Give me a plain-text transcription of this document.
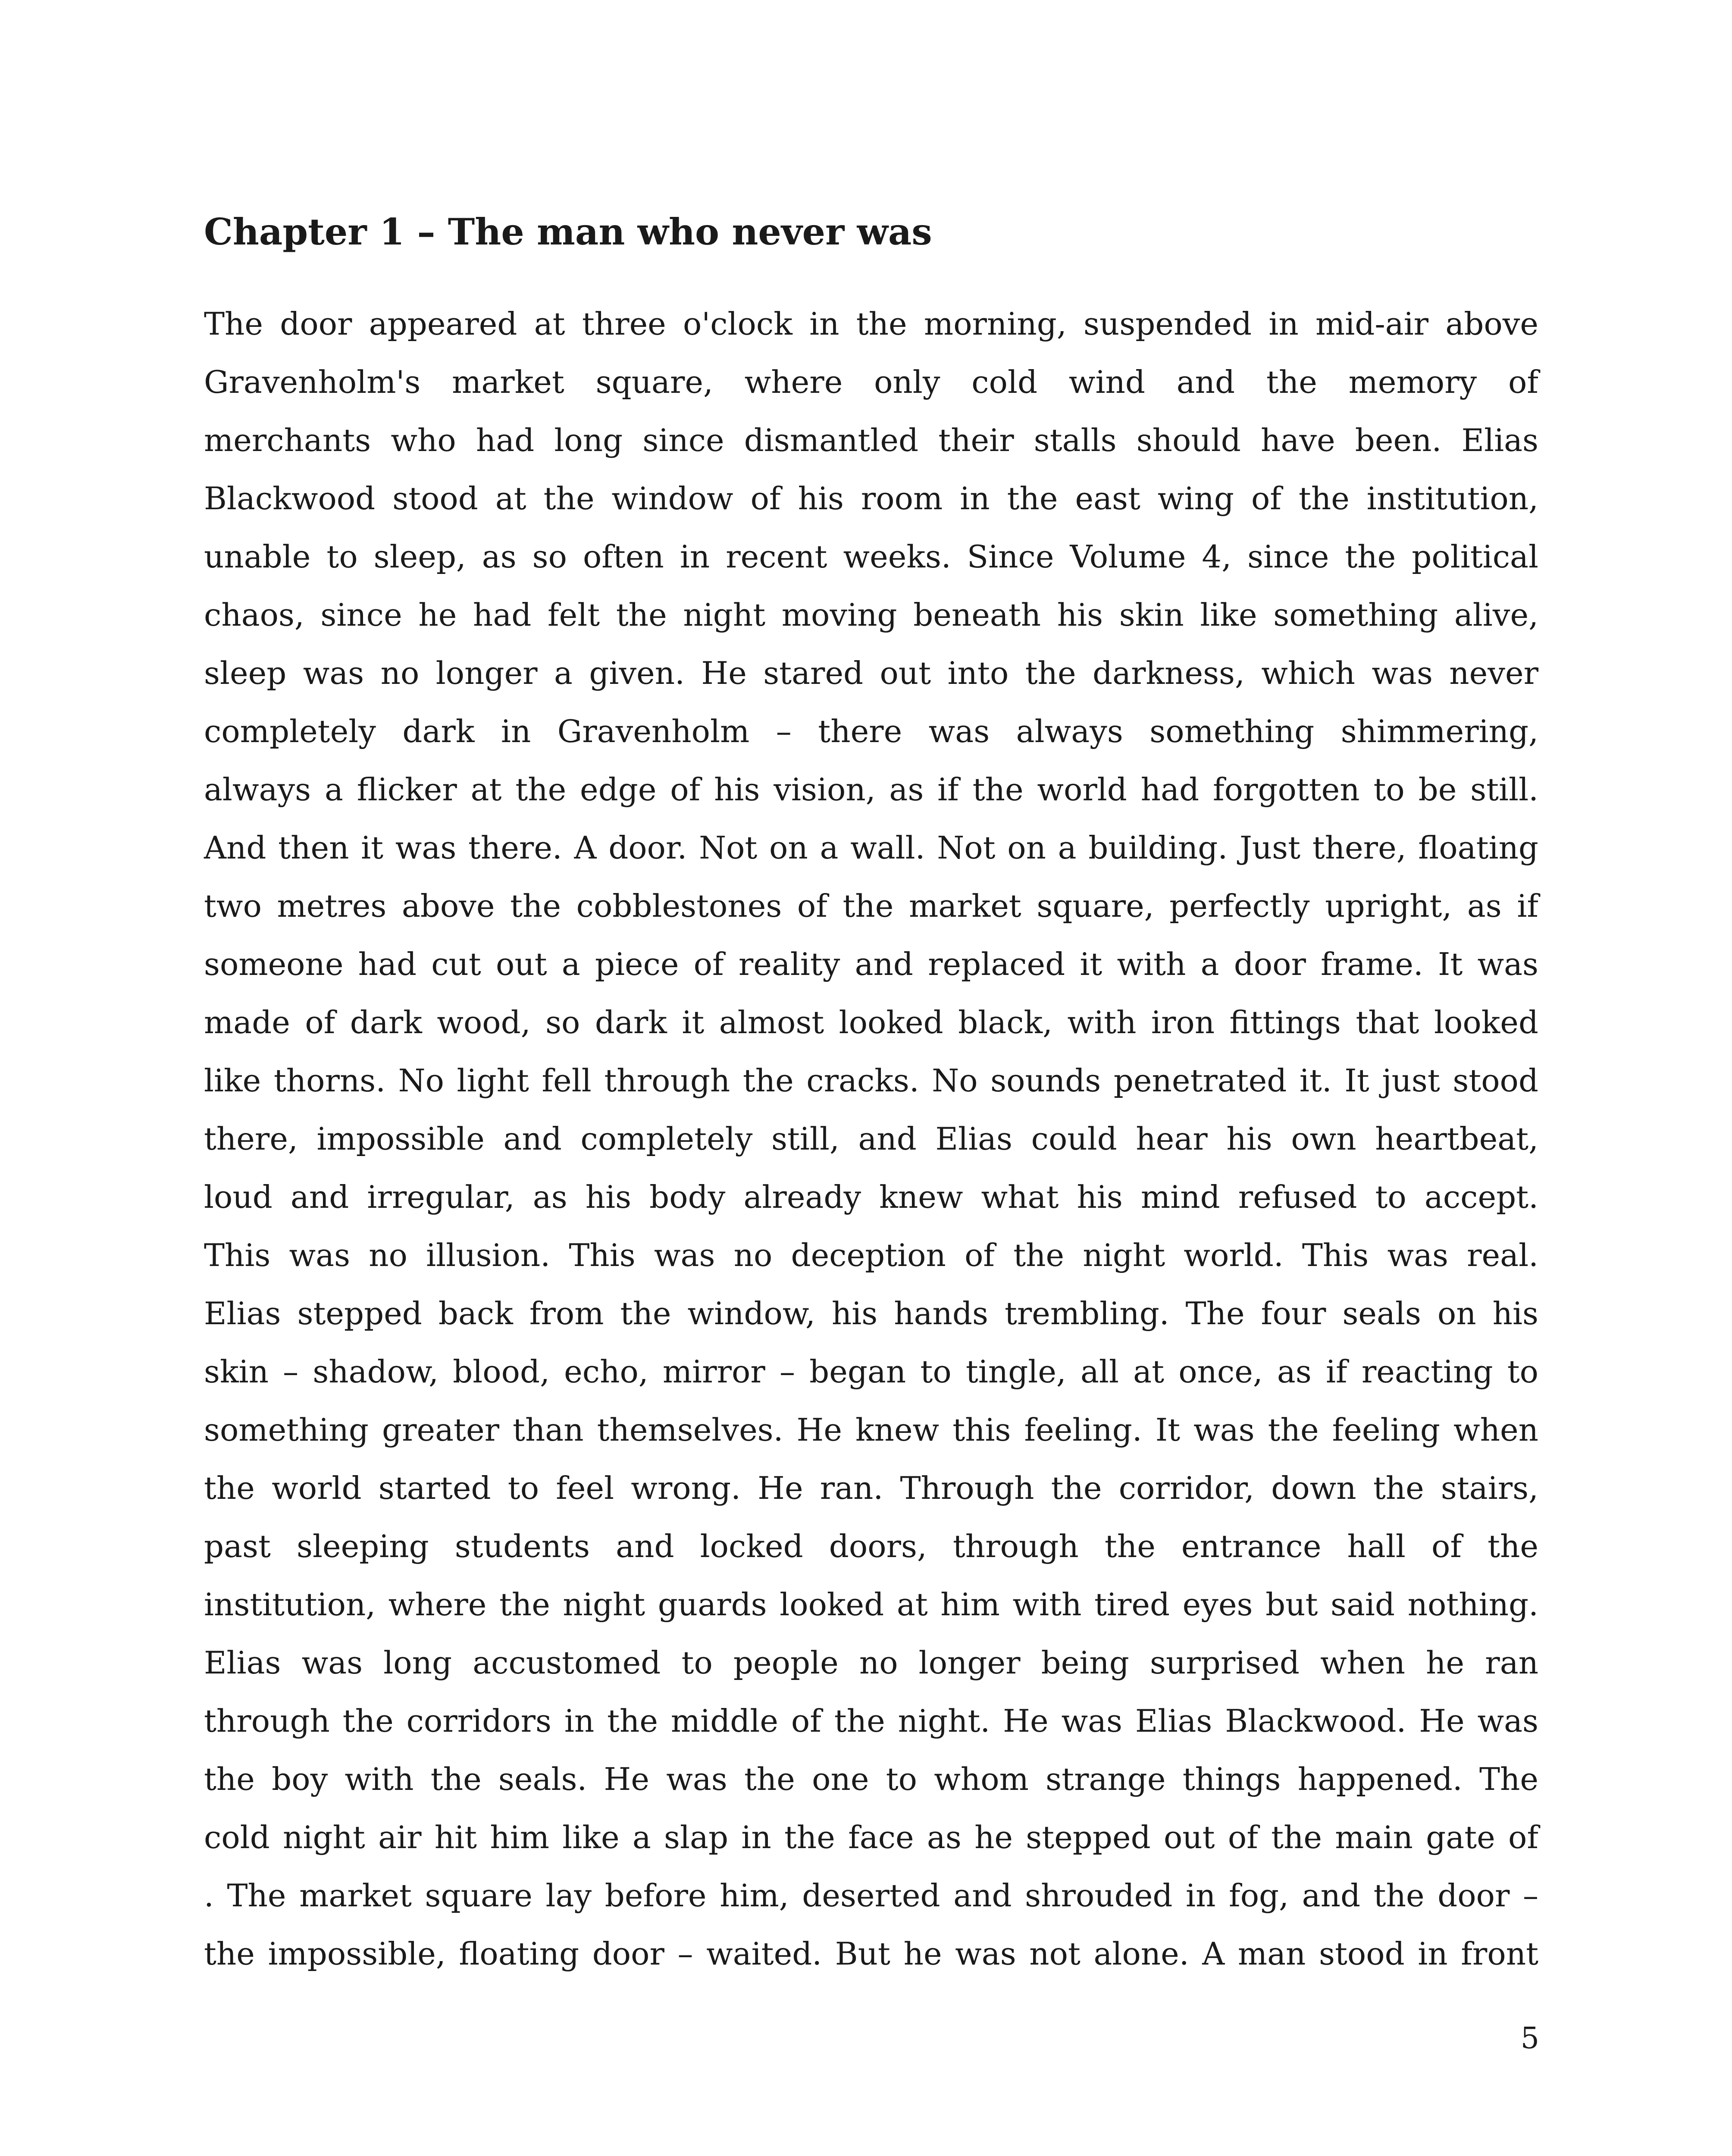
Chapter 1 – The man who never was
The door appeared at three o'clock in the morning, suspended in mid-air above
Gravenholm's market square, where only cold wind and the memory of
merchants who had long since dismantled their stalls should have been. Elias
Blackwood stood at the window of his room in the east wing of the institution,
unable to sleep, as so often in recent weeks. Since Volume 4, since the political
chaos, since he had felt the night moving beneath his skin like something alive,
sleep was no longer a given. He stared out into the darkness, which was never
completely dark in Gravenholm – there was always something shimmering,
always a flicker at the edge of his vision, as if the world had forgotten to be still.
And then it was there. A door. Not on a wall. Not on a building. Just there, floating
two metres above the cobblestones of the market square, perfectly upright, as if
someone had cut out a piece of reality and replaced it with a door frame. It was
made of dark wood, so dark it almost looked black, with iron fittings that looked
like thorns. No light fell through the cracks. No sounds penetrated it. It just stood
there, impossible and completely still, and Elias could hear his own heartbeat,
loud and irregular, as his body already knew what his mind refused to accept.
This was no illusion. This was no deception of the night world. This was real.
Elias stepped back from the window, his hands trembling. The four seals on his
skin – shadow, blood, echo, mirror – began to tingle, all at once, as if reacting to
something greater than themselves. He knew this feeling. It was the feeling when
the world started to feel wrong. He ran. Through the corridor, down the stairs,
past sleeping students and locked doors, through the entrance hall of the
institution, where the night guards looked at him with tired eyes but said nothing.
Elias was long accustomed to people no longer being surprised when he ran
through the corridors in the middle of the night. He was Elias Blackwood. He was
the boy with the seals. He was the one to whom strange things happened. The
cold night air hit him like a slap in the face as he stepped out of the main gate of
. The market square lay before him, deserted and shrouded in fog, and the door –
the impossible, floating door – waited. But he was not alone. A man stood in front
5
